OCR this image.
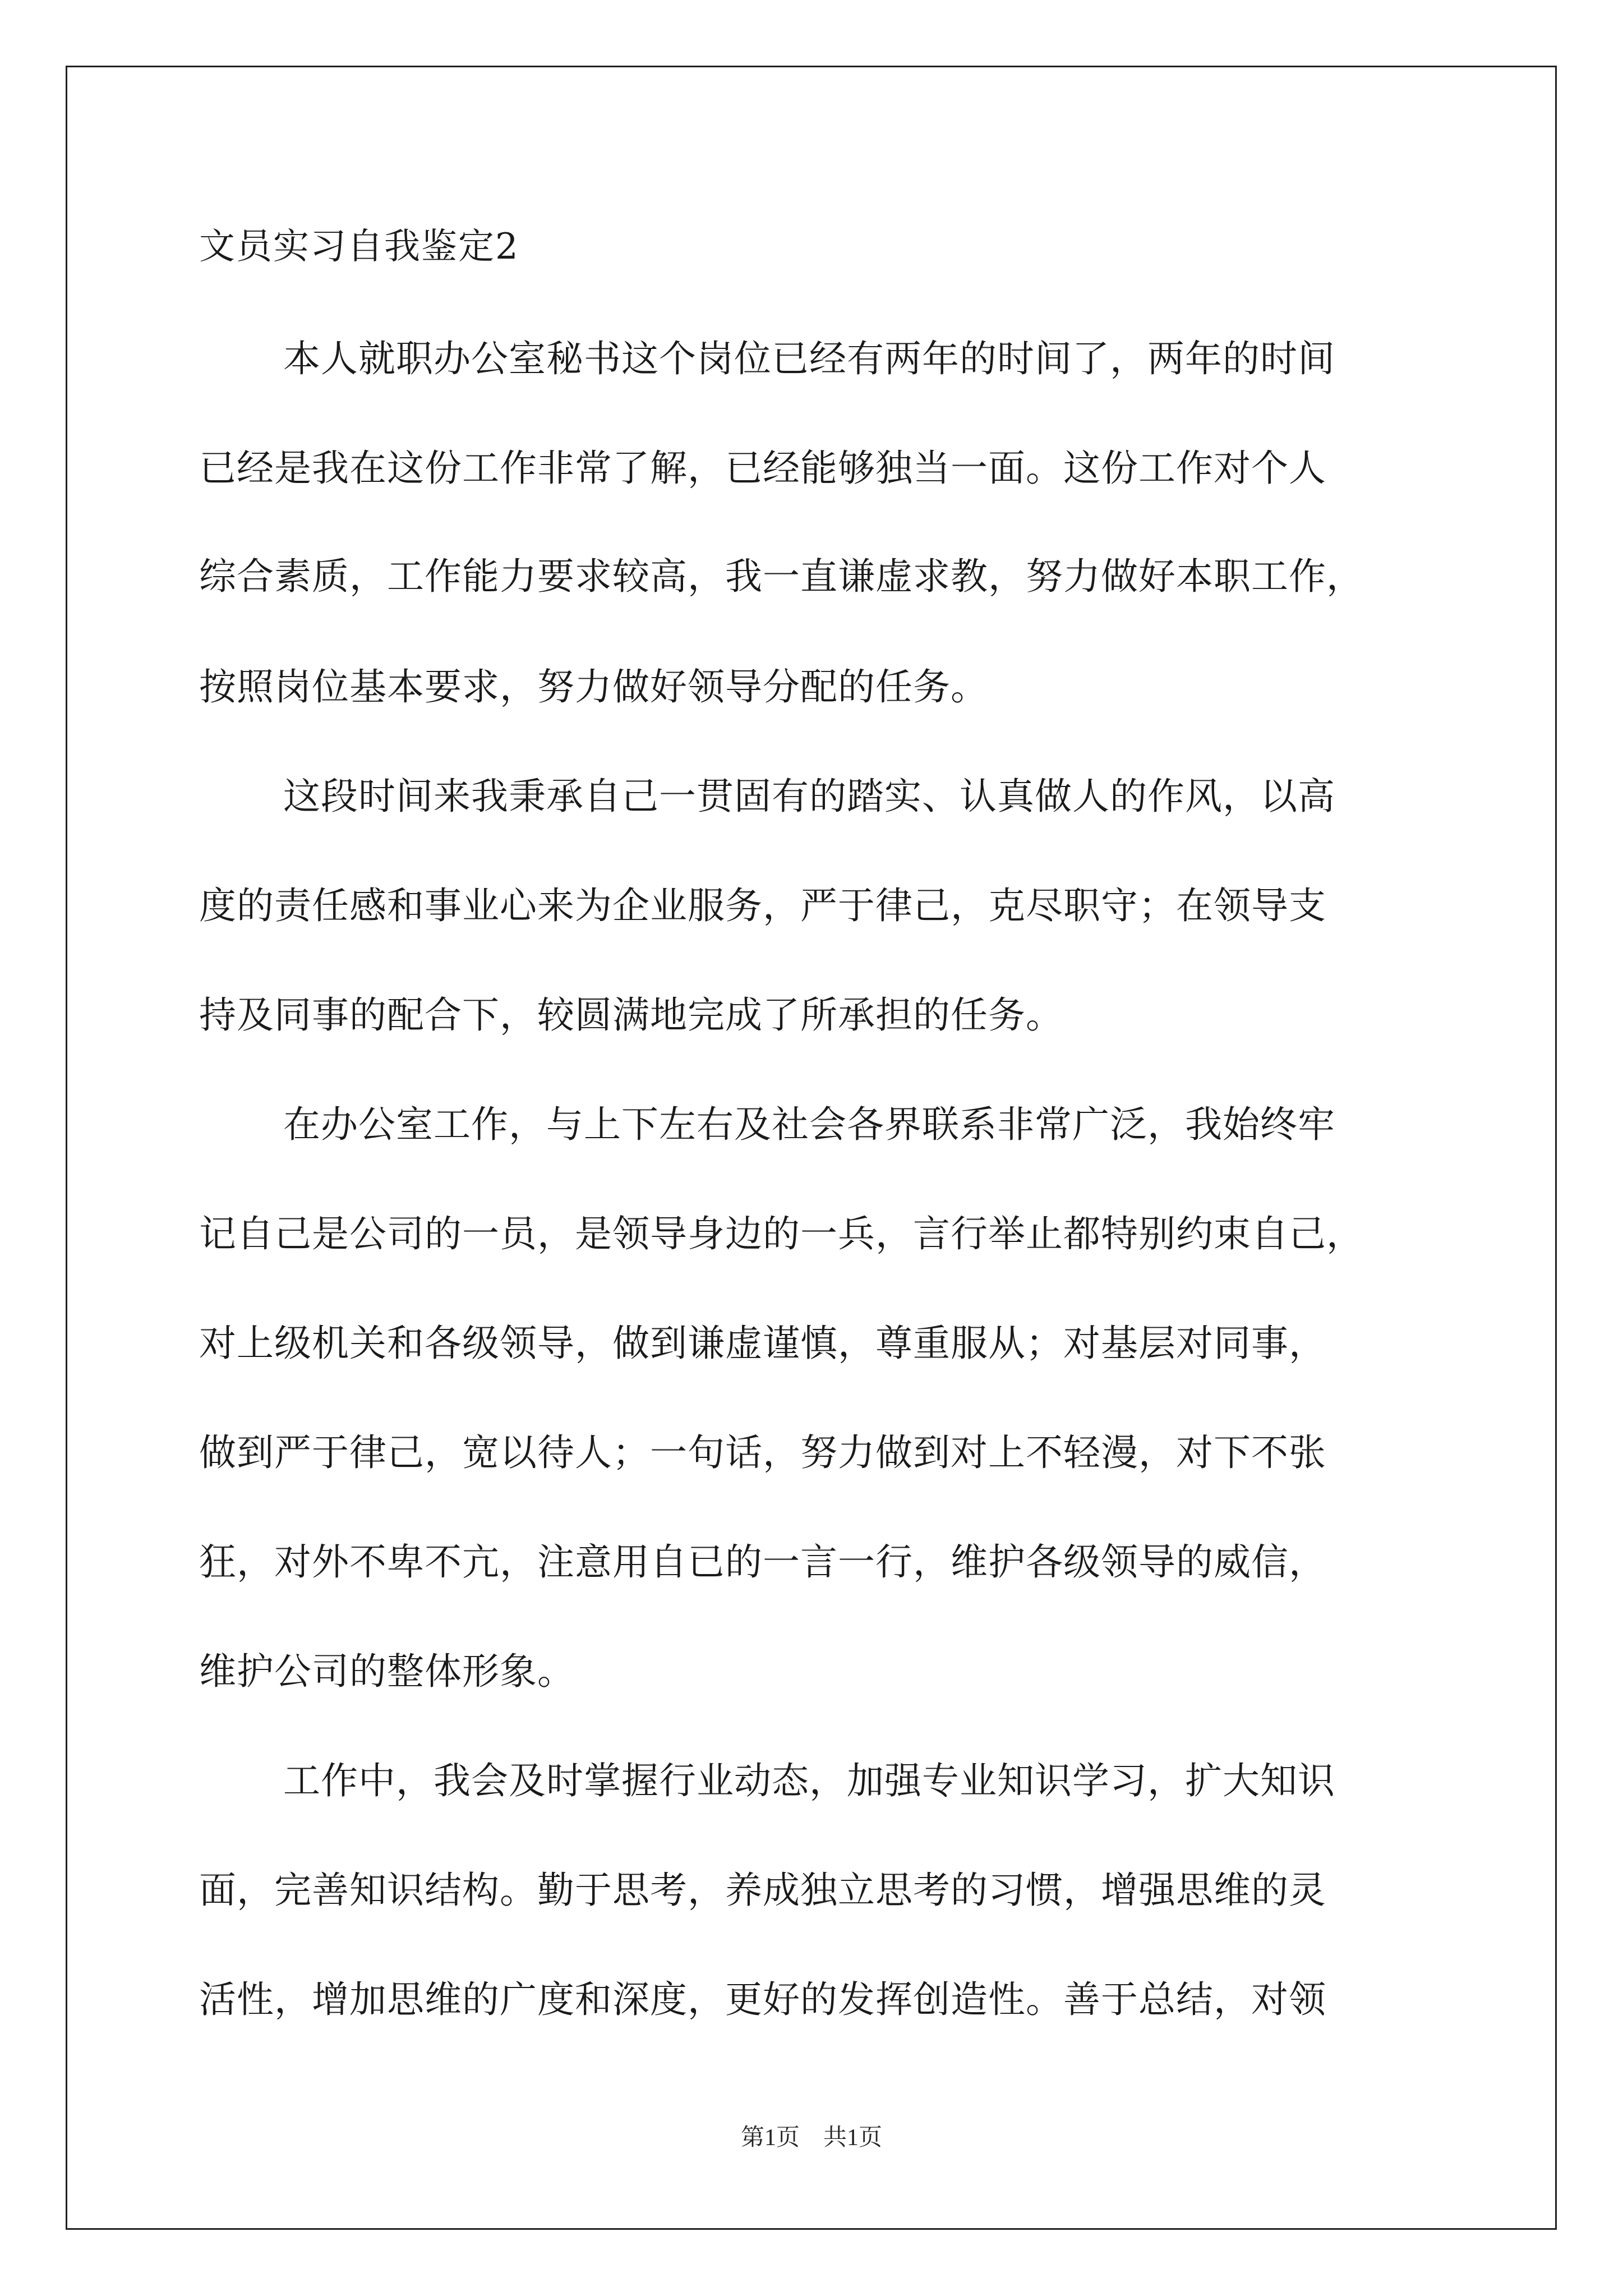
文员实习自我鉴定2
本人就职办公室秘书这个岗位已经有两年的时间了，两年的时间
已经是我在这份工作非常了解，已经能够独当一面。这份工作对个人
综合素质，工作能力要求较高，我一直谦虚求教，努力做好本职工作，
按照岗位基本要求，努力做好领导分配的任务。
这段时间来我秉承自己一贯固有的踏实、认真做人的作风，以高
度的责任感和事业心来为企业服务，严于律己，克尽职守；在领导支
持及同事的配合下，较圆满地完成了所承担的任务。
在办公室工作，与上下左右及社会各界联系非常广泛，我始终牢
记自己是公司的一员，是领导身边的一兵，言行举止都特别约束自己，
对上级机关和各级领导，做到谦虚谨慎，尊重服从；对基层对同事，
做到严于律己，宽以待人；一句话，努力做到对上不轻漫，对下不张
狂，对外不卑不亢，注意用自已的一言一行，维护各级领导的威信，
维护公司的整体形象。
工作中，我会及时掌握行业动态，加强专业知识学习，扩大知识
面，完善知识结构。勤于思考，养成独立思考的习惯，增强思维的灵
活性，增加思维的广度和深度，更好的发挥创造性。善于总结，对领
第1页　共1页
